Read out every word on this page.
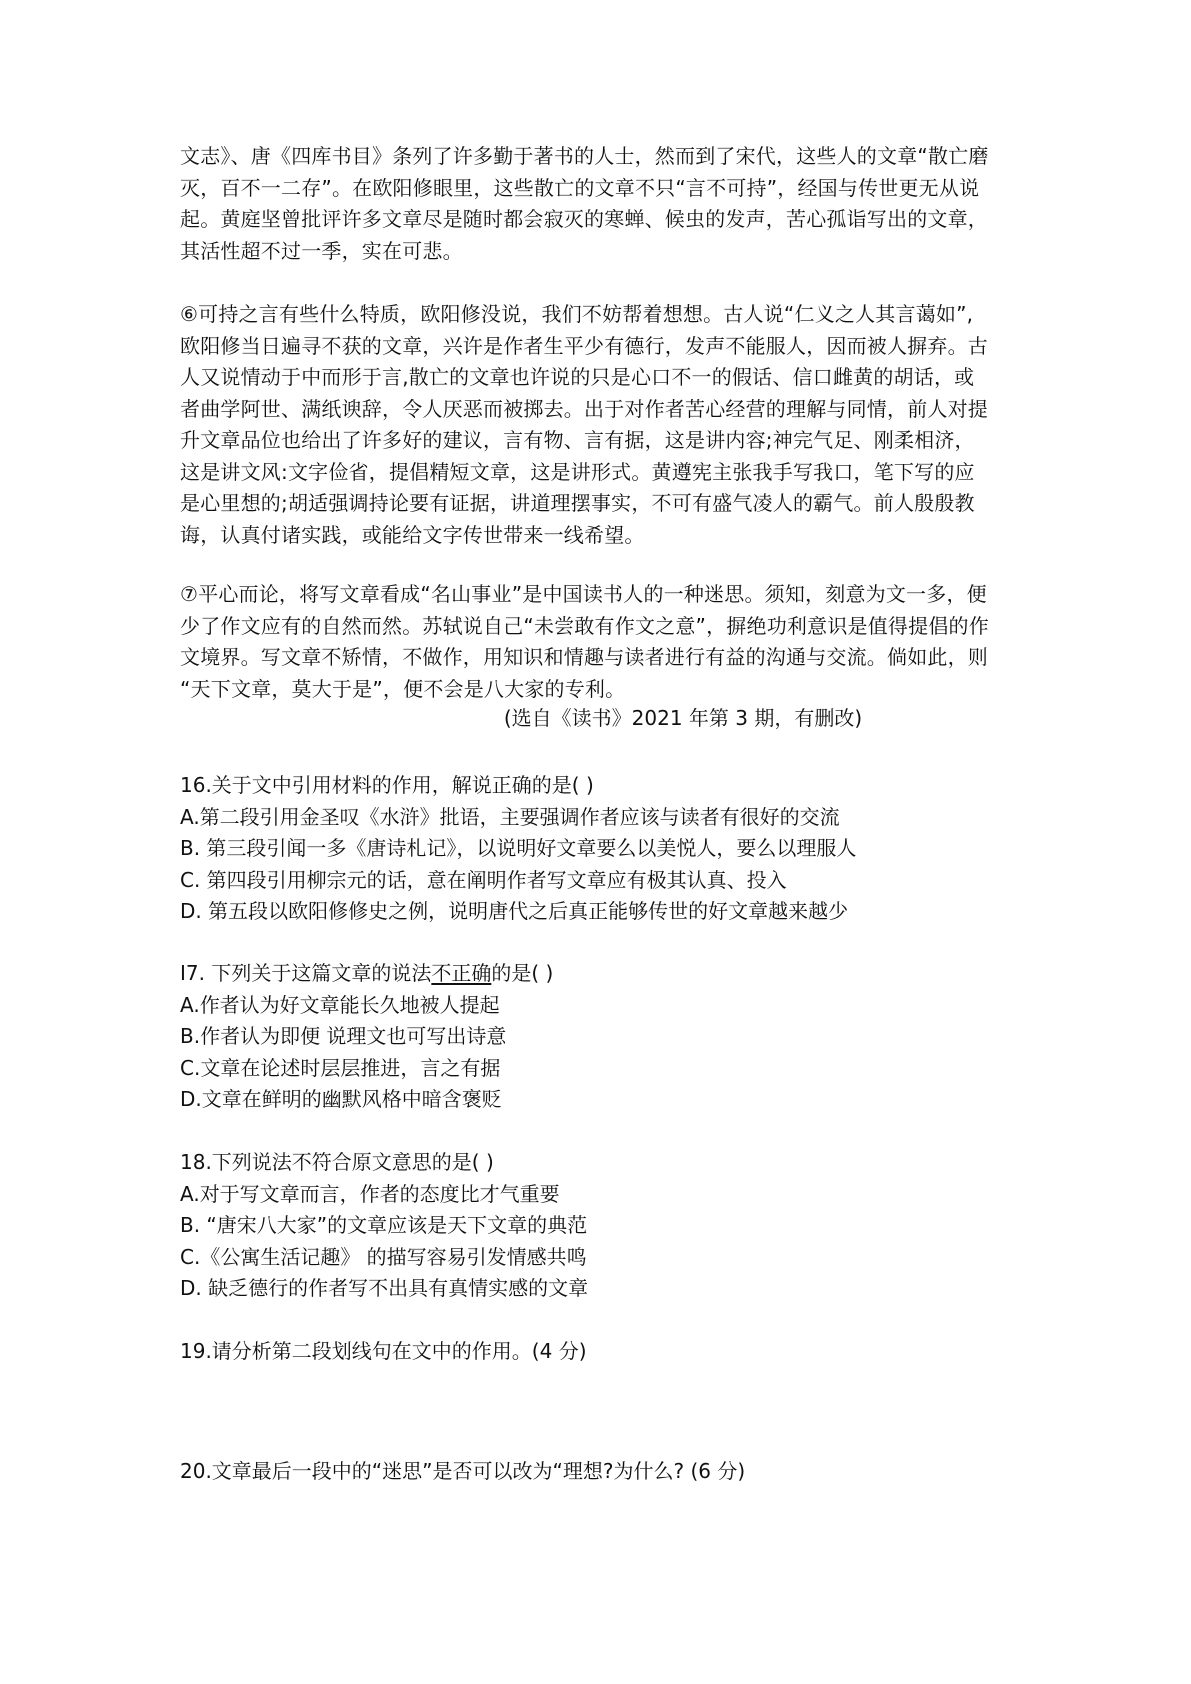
文志》、唐《四库书目》条列了许多勤于著书的人士，然而到了宋代，这些人的文章“散亡磨
灭，百不一二存”。在欧阳修眼里，这些散亡的文章不只“言不可持”，经国与传世更无从说
起。黄庭坚曾批评许多文章尽是随时都会寂灭的寒蝉、候虫的发声，苦心孤诣写出的文章，
其活性超不过一季，实在可悲。
⑥可持之言有些什么特质，欧阳修没说，我们不妨帮着想想。古人说“仁义之人其言蔼如”,
欧阳修当日遍寻不获的文章，兴许是作者生平少有德行，发声不能服人，因而被人摒弃。古
人又说情动于中而形于言,散亡的文章也许说的只是心口不一的假话、信口雌黄的胡话，或
者曲学阿世、满纸谀辞，令人厌恶而被掷去。出于对作者苦心经营的理解与同情，前人对提
升文章品位也给出了许多好的建议，言有物、言有据，这是讲内容;神完气足、刚柔相济，
这是讲文风:文字俭省，提倡精短文章，这是讲形式。黄遵宪主张我手写我口，笔下写的应
是心里想的;胡适强调持论要有证据，讲道理摆事实，不可有盛气凌人的霸气。前人殷殷教
诲，认真付诸实践，或能给文字传世带来一线希望。
⑦平心而论，将写文章看成“名山事业”是中国读书人的一种迷思。须知，刻意为文一多，便
少了作文应有的自然而然。苏轼说自己“未尝敢有作文之意”，摒绝功利意识是值得提倡的作
文境界。写文章不矫情，不做作，用知识和情趣与读者进行有益的沟通与交流。倘如此，则
“天下文章，莫大于是”，便不会是八大家的专利。
(选自《读书》2021 年第 3 期，有删改)
16.关于文中引用材料的作用，解说正确的是( )
A.第二段引用金圣叹《水浒》批语，主要强调作者应该与读者有很好的交流
B. 第三段引闻一多《唐诗札记》，以说明好文章要么以美悦人，要么以理服人
C. 第四段引用柳宗元的话，意在阐明作者写文章应有极其认真、投入
D. 第五段以欧阳修修史之例，说明唐代之后真正能够传世的好文章越来越少
I7. 下列关于这篇文章的说法不正确的是( )
A.作者认为好文章能长久地被人提起
B.作者认为即便 说理文也可写出诗意
C.文章在论述时层层推进，言之有据
D.文章在鲜明的幽默风格中暗含褒贬
18.下列说法不符合原文意思的是( )
A.对于写文章而言，作者的态度比才气重要
B. “唐宋八大家”的文章应该是天下文章的典范
C.《公寓生活记趣》 的描写容易引发情感共鸣
D. 缺乏德行的作者写不出具有真情实感的文章
19.请分析第二段划线句在文中的作用。(4 分)
20.文章最后一段中的“迷思”是否可以改为“理想?为什么? (6 分)
